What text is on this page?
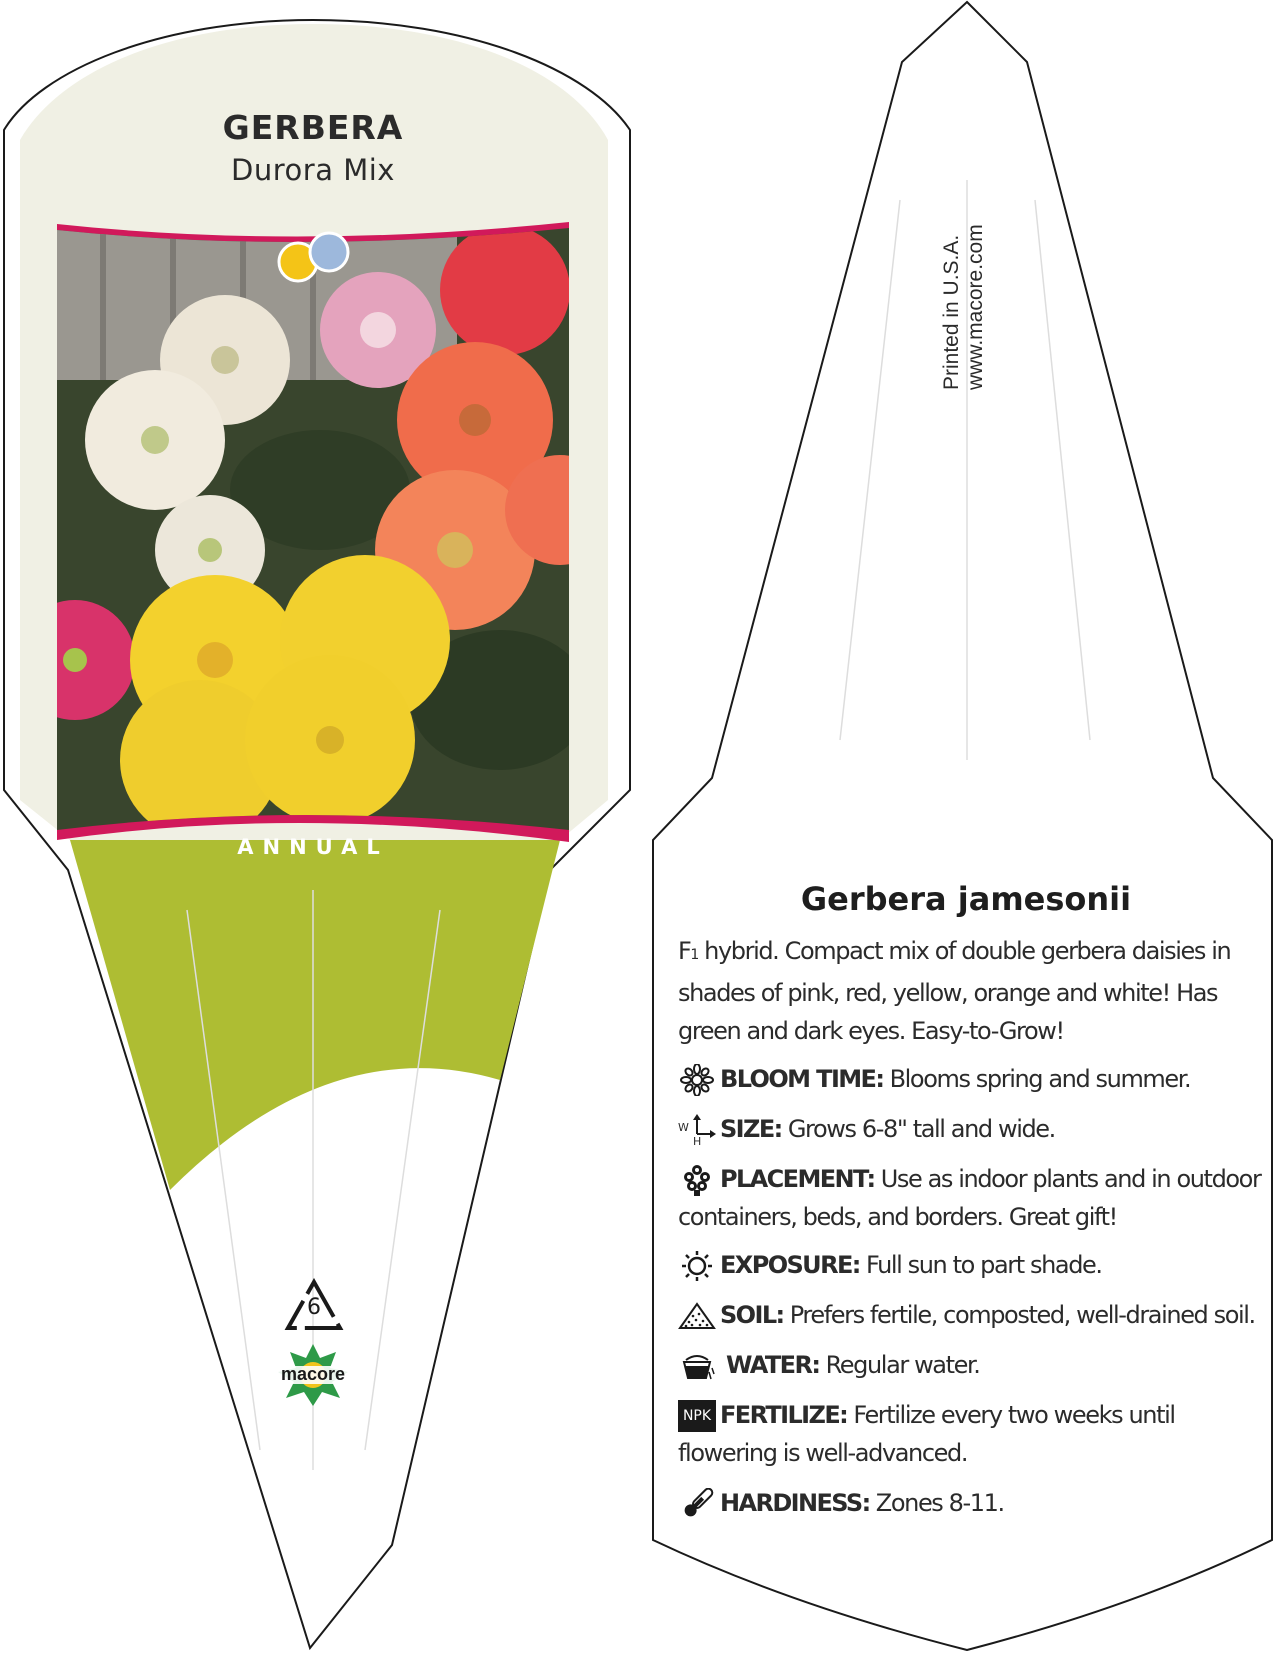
GERBERA
Durora Mix
ANNUAL
6
macore
Printed in U.S.A. www.macore.com
Gerbera jamesonii
F1 hybrid. Compact mix of double gerbera daisies in shades of pink, red, yellow, orange and white! Has green and dark eyes. Easy-to-Grow!
BLOOM TIME: Blooms spring and summer.
W
H SIZE: Grows 6-8" tall and wide.
PLACEMENT: Use as indoor plants and in outdoor containers, beds, and borders. Great gift!
EXPOSURE: Full sun to part shade.
SOIL: Prefers fertile, composted, well-drained soil.
WATER: Regular water.
NPK FERTILIZE: Fertilize every two weeks until flowering is well-advanced.
HARDINESS: Zones 8-11.
